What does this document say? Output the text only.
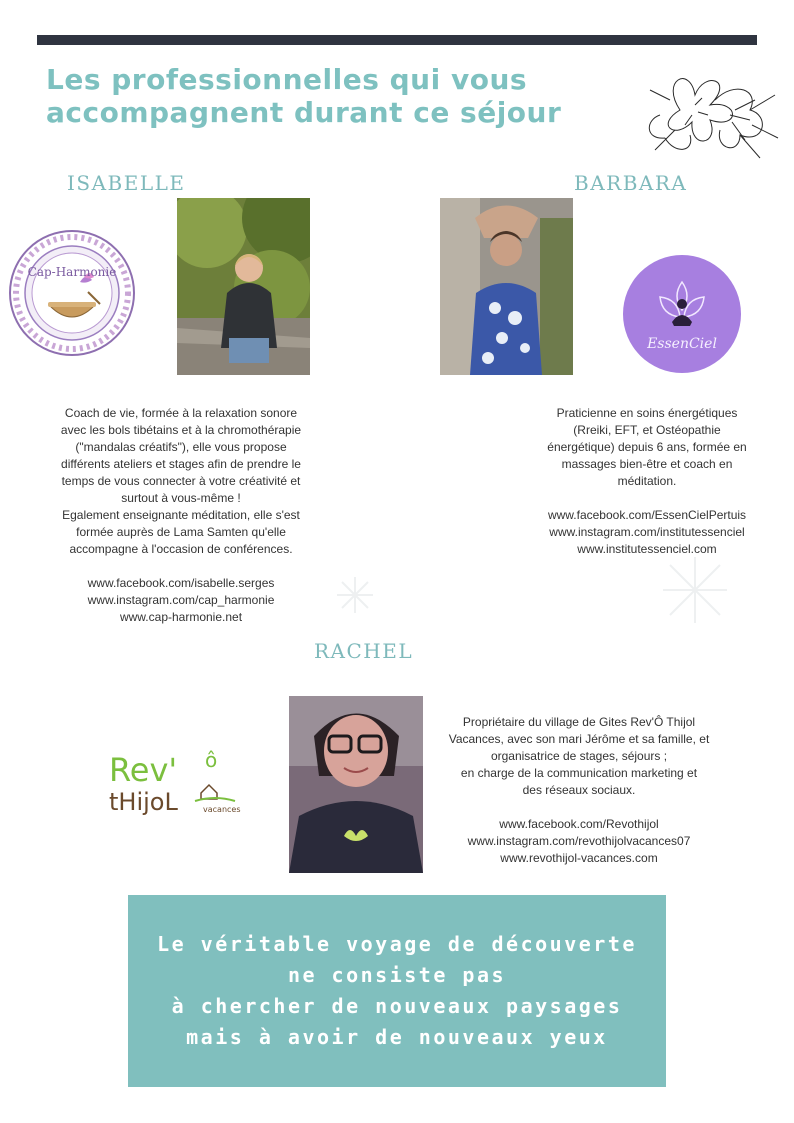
Les professionnelles qui vous
accompagnent durant ce séjour
ISABELLE
Cap-Harmonie

Coach de vie, formée à la relaxation sonore

avec les bols tibétains et à la chromothérapie

("mandalas créatifs"), elle vous propose

différents ateliers et stages afin de prendre le

temps de vous connecter à votre créativité et

surtout à vous-même !

Egalement enseignante méditation, elle s'est

formée auprès de Lama Samten qu'elle

accompagne à l'occasion de conférences.

www.facebook.com/isabelle.serges

www.instagram.com/cap_harmonie

www.cap-harmonie.net

BARBARA
EssenCiel

Praticienne en soins énergétiques

(Rreiki, EFT, et Ostéopathie

énergétique) depuis 6 ans, formée en

massages bien-être et coach en

méditation.

www.facebook.com/EssenCielPertuis

www.instagram.com/institutessenciel

www.institutessenciel.com

RACHEL
Rev' ô
tHijoL	vacances

Propriétaire du village de Gites Rev'Ô Thijol

Vacances, avec son mari Jérôme et sa famille, et

organisatrice de stages, séjours ;

en charge de la communication marketing et

des réseaux sociaux.

www.facebook.com/Revothijol

www.instagram.com/revothijolvacances07

www.revothijol-vacances.com

Le véritable voyage de découverte
ne consiste pas
à chercher de nouveaux paysages
mais à avoir de nouveaux yeux
